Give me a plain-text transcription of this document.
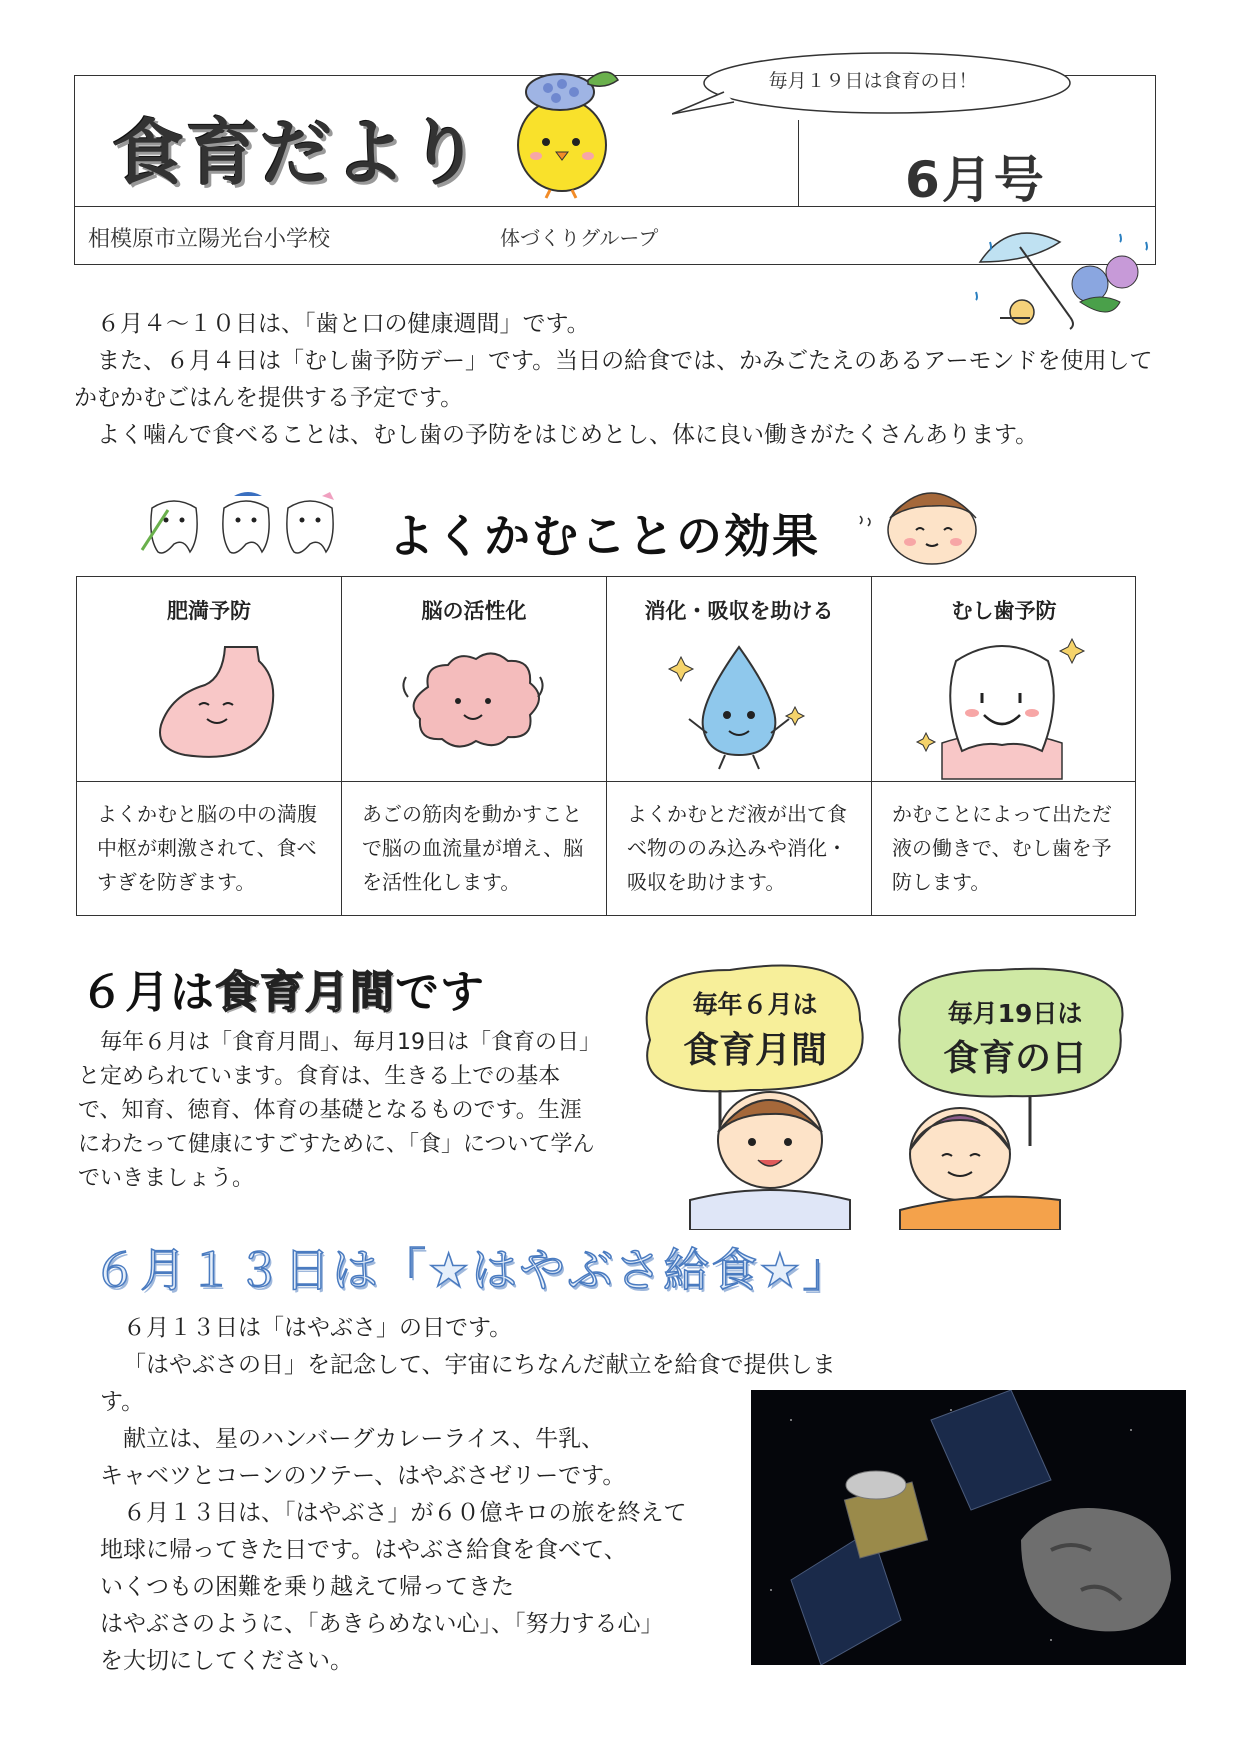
食育だより	6月号
相模原市立陽光台小学校	体づくりグループ
毎月１９日は食育の日！

６月４～１０日は、「歯と口の健康週間」です。

また、６月４日は「むし歯予防デー」です。当日の給食では、かみごたえのあるアーモンドを使用してかむかむごはんを提供する予定です。

よく噛んで食べることは、むし歯の予防をはじめとし、体に良い働きがたくさんあります。

よくかむことの効果
肥満予防
よくかむと脳の中の満腹中枢が刺激されて、食べすぎを防ぎます。
脳の活性化
あごの筋肉を動かすことで脳の血流量が増え、脳を活性化します。
消化・吸収を助ける
よくかむとだ液が出て食べ物ののみ込みや消化・吸収を助けます。
むし歯予防
かむことによって出ただ液の働きで、むし歯を予防します。
６月は食育月間です
毎年６月は「食育月間」、毎月19日は「食育の日」と定められています。食育は、生きる上での基本で、知育、徳育、体育の基礎となるものです。生涯にわたって健康にすごすために、「食」について学んでいきましょう。
毎年６月は
食育月間
毎月19日は
食育の日
６月１３日は「★はやぶさ給食★」

６月１３日は「はやぶさ」の日です。

「はやぶさの日」を記念して、宇宙にちなんだ献立を給食で提供します。

献立は、星のハンバーグカレーライス、牛乳、

キャベツとコーンのソテー、はやぶさゼリーです。

６月１３日は、「はやぶさ」が６０億キロの旅を終えて

地球に帰ってきた日です。はやぶさ給食を食べて、

いくつもの困難を乗り越えて帰ってきた

はやぶさのように、「あきらめない心」、「努力する心」

を大切にしてください。
